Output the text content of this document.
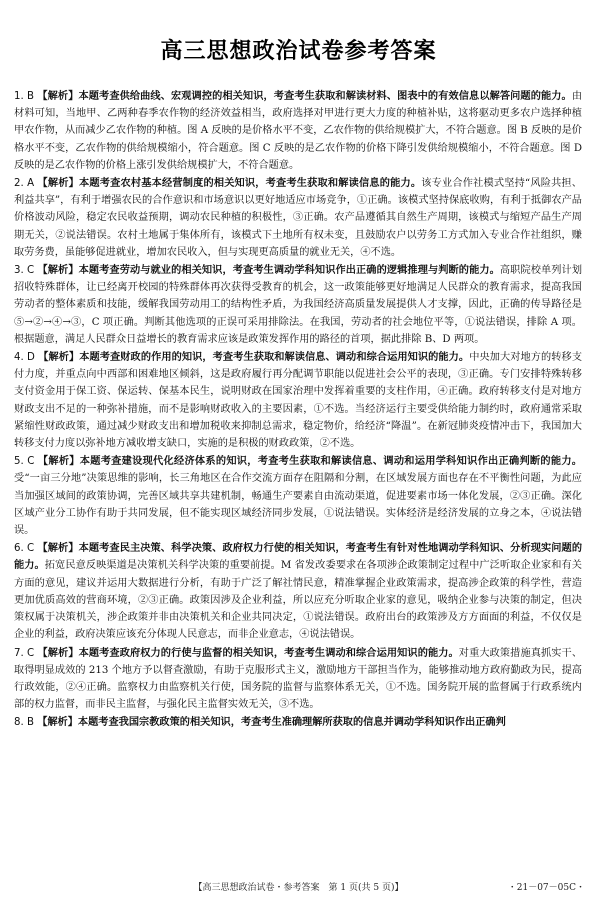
高三思想政治试卷参考答案

1. B 【解析】本题考查供给曲线、宏观调控的相关知识，考查考生获取和解读材料、图表中的有效信息以解答问题的能力。由材料可知，当地甲、乙两种春季农作物的经济效益相当，政府选择对甲进行更大力度的种植补贴，这将驱动更多农户选择种植甲农作物，从而减少乙农作物的种植。图 A 反映的是价格水平不变，乙农作物的供给规模扩大，不符合题意。图 B 反映的是价格水平不变，乙农作物的供给规模缩小，符合题意。图 C 反映的是乙农作物的价格下降引发供给规模缩小，不符合题意。图 D 反映的是乙农作物的价格上涨引发供给规模扩大，不符合题意。

2. A 【解析】本题考查农村基本经营制度的相关知识，考查考生获取和解读信息的能力。该专业合作社模式坚持“风险共担、利益共享”，有利于增强农民的合作意识和市场意识以更好地适应市场竞争，①正确。该模式坚持保底收购，有利于抵御农产品价格波动风险，稳定农民收益预期，调动农民种植的积极性，③正确。农产品遵循其自然生产周期，该模式与缩短产品生产周期无关，②说法错误。农村土地属于集体所有，该模式下土地所有权未变，且鼓励农户以劳务工方式加入专业合作社组织，赚取劳务费，虽能够促进就业，增加农民收入，但与实现更高质量的就业无关，④不选。

3. C 【解析】本题考查劳动与就业的相关知识，考查考生调动学科知识作出正确的逻辑推理与判断的能力。高职院校单列计划招收特殊群体，让已经离开校园的特殊群体再次获得受教育的机会，这一政策能够更好地满足人民群众的教育需求，提高我国劳动者的整体素质和技能，缓解我国劳动用工的结构性矛盾，为我国经济高质量发展提供人才支撑，因此，正确的传导路径是⑤→②→④→③，C 项正确。判断其他选项的正误可采用排除法。在我国，劳动者的社会地位平等，①说法错误，排除 A 项。根据题意，满足人民群众日益增长的教育需求应该是政策发挥作用的路径的首项，据此排除 B、D 两项。

4. D 【解析】本题考查财政的作用的知识，考查考生获取和解读信息、调动和综合运用知识的能力。中央加大对地方的转移支付力度，并重点向中西部和困难地区倾斜，这是政府履行再分配调节职能以促进社会公平的表现，③正确。专门安排特殊转移支付资金用于保工资、保运转、保基本民生，说明财政在国家治理中发挥着重要的支柱作用，④正确。政府转移支付是对地方财政支出不足的一种弥补措施，而不是影响财政收入的主要因素，①不选。当经济运行主要受供给能力制约时，政府通常采取紧缩性财政政策，通过减少财政支出和增加税收来抑制总需求，稳定物价，给经济“降温”。在新冠肺炎疫情冲击下，我国加大转移支付力度以弥补地方减收增支缺口，实施的是积极的财政政策，②不选。

5. C 【解析】本题考查建设现代化经济体系的知识，考查考生获取和解读信息、调动和运用学科知识作出正确判断的能力。受“一亩三分地”决策思维的影响，长三角地区在合作交流方面存在阻隔和分割，在区域发展方面也存在不平衡性问题，为此应当加强区域间的政策协调，完善区域共享共建机制，畅通生产要素自由流动渠道，促进要素市场一体化发展，②③正确。深化区域产业分工协作有助于共同发展，但不能实现区域经济同步发展，①说法错误。实体经济是经济发展的立身之本，④说法错误。

6. C 【解析】本题考查民主决策、科学决策、政府权力行使的相关知识，考查考生有针对性地调动学科知识、分析现实问题的能力。拓宽民意反映渠道是决策机关科学决策的重要前提。M 省发改委要求在各项涉企政策制定过程中广泛听取企业家和有关方面的意见，建议并运用大数据进行分析，有助于广泛了解社情民意，精准掌握企业政策需求，提高涉企政策的科学性，营造更加优质高效的营商环境，②③正确。政策因涉及企业利益，所以应充分听取企业家的意见，吸纳企业参与决策的制定，但决策权属于决策机关，涉企政策并非由决策机关和企业共同决定，①说法错误。政府出台的政策涉及方方面面的利益，不仅仅是企业的利益，政府决策应该充分体现人民意志，而非企业意志，④说法错误。

7. C 【解析】本题考查政府权力的行使与监督的相关知识，考查考生调动和综合运用知识的能力。对重大政策措施真抓实干、取得明显成效的 213 个地方予以督查激励，有助于克服形式主义，激励地方干部担当作为，能够推动地方政府勤政为民，提高行政效能，②④正确。监察权力由监察机关行使，国务院的监督与监察体系无关，①不选。国务院开展的监督属于行政系统内部的权力监督，而非民主监督，与强化民主监督实效无关，③不选。

8. B 【解析】本题考查我国宗教政策的相关知识，考查考生准确理解所获取的信息并调动学科知识作出正确判

【高三思想政治试卷・参考答案　第 1 页(共 5 页)】	・21－07－05C・
